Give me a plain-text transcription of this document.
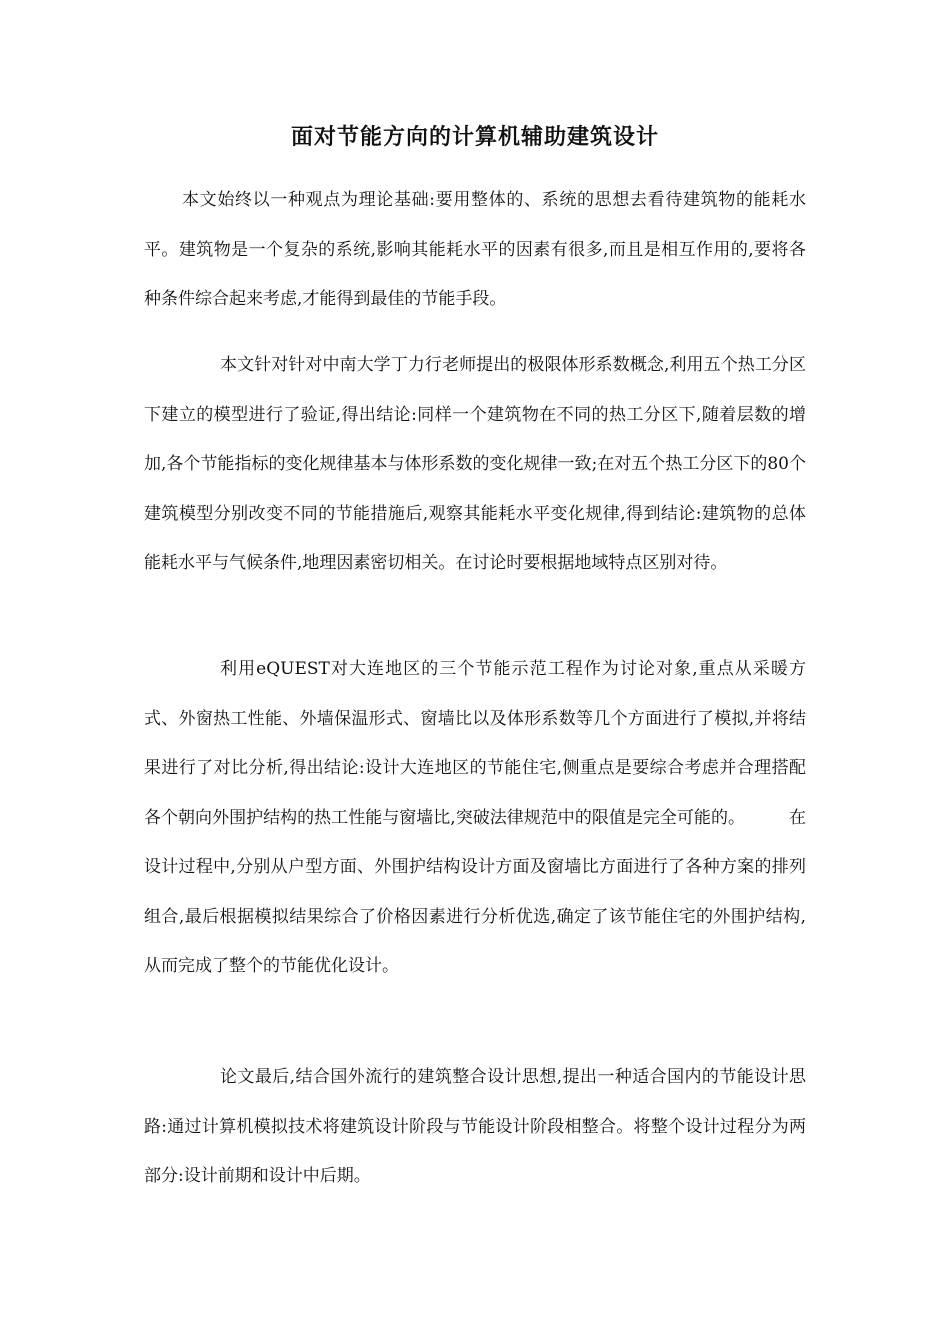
面对节能方向的计算机辅助建筑设计

本文始终以一种观点为理论基础:要用整体的、系统的思想去看待建筑物的能耗水平。建筑物是一个复杂的系统,影响其能耗水平的因素有很多,而且是相互作用的,要将各种条件综合起来考虑,才能得到最佳的节能手段。

本文针对针对中南大学丁力行老师提出的极限体形系数概念,利用五个热工分区下建立的模型进行了验证,得出结论:同样一个建筑物在不同的热工分区下,随着层数的增加,各个节能指标的变化规律基本与体形系数的变化规律一致;在对五个热工分区下的80个建筑模型分别改变不同的节能措施后,观察其能耗水平变化规律,得到结论:建筑物的总体能耗水平与气候条件,地理因素密切相关。在讨论时要根据地域特点区别对待。

利用eQUEST对大连地区的三个节能示范工程作为讨论对象,重点从采暖方式、外窗热工性能、外墙保温形式、窗墙比以及体形系数等几个方面进行了模拟,并将结果进行了对比分析,得出结论:设计大连地区的节能住宅,侧重点是要综合考虑并合理搭配各个朝向外围护结构的热工性能与窗墙比,突破法律规范中的限值是完全可能的。	在设计过程中,分别从户型方面、外围护结构设计方面及窗墙比方面进行了各种方案的排列组合,最后根据模拟结果综合了价格因素进行分析优选,确定了该节能住宅的外围护结构,从而完成了整个的节能优化设计。

论文最后,结合国外流行的建筑整合设计思想,提出一种适合国内的节能设计思路:通过计算机模拟技术将建筑设计阶段与节能设计阶段相整合。将整个设计过程分为两部分:设计前期和设计中后期。
